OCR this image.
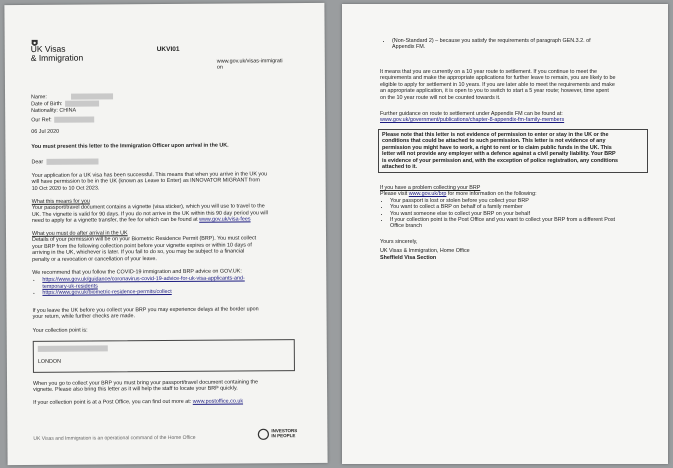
UK Visas
& Immigration
UKVI01
www.gov.uk/visas-immigration
Name:
Date of Birth:
Nationality: CHINA
Our Ref:
06 Jul 2020
You must present this letter to the Immigration Officer upon arrival in the UK.
Dear
Your application for a UK visa has been successful. This means that when you arrive in the UK you
will have permission to be in the UK (known as Leave to Enter) as INNOVATOR MIGRANT from
10 Oct 2020 to 10 Oct 2023.
What this means for you
Your passport/travel document contains a vignette (visa sticker), which you will use to travel to the
UK. The vignette is valid for 90 days. If you do not arrive in the UK within this 90 day period you will
need to apply for a vignette transfer, the fee for which can be found at www.gov.uk/visa-fees
What you must do after arrival in the UK
Details of your permission will be on your Biometric Residence Permit (BRP). You must collect
your BRP from the following collection point before your vignette expires or within 10 days of
arriving in the UK, whichever is later. If you fail to do so, you may be subject to a financial
penalty or a revocation or cancellation of your leave.
We recommend that you follow the COVID-19 immigration and BRP advice on GOV.UK:
• https://www.gov.uk/guidance/coronavirus-covid-19-advice-for-uk-visa-applicants-and-
temporary-uk-residents
• https://www.gov.uk/biometric-residence-permits/collect
If you leave the UK before you collect your BRP you may experience delays at the border upon
your return, while further checks are made.
Your collection point is:
LONDON
When you go to collect your BRP you must bring your passport/travel document containing the
vignette. Please also bring this letter as it will help the staff to locate your BRP quickly.
If your collection point is at a Post Office, you can find out more at: www.postoffice.co.uk
UK Visas and Immigration is an operational command of the Home Office
INVESTORS
IN PEOPLE
• (Non-Standard 2) – because you satisfy the requirements of paragraph GEN.3.2. of
Appendix FM.
It means that you are currently on a 10 year route to settlement. If you continue to meet the
requirements and make the appropriate applications for further leave to remain, you are likely to be
eligible to apply for settlement in 10 years. If you are later able to meet the requirements and make
an appropriate application, it is open to you to switch to start a 5 year route; however, time spent
on the 10 year route will not be counted towards it.
Further guidance on route to settlement under Appendix FM can be found at:
www.gov.uk/government/publications/chapter-8-appendix-fm-family-members
Please note that this letter is not evidence of permission to enter or stay in the UK or the
conditions that could be attached to such permission. This letter is not evidence of any
permission you might have to work, a right to rent or to claim public funds in the UK. This
letter will not provide any employer with a defence against a civil penalty liability. Your BRP
is evidence of your permission and, with the exception of police registration, any conditions
attached to it.
If you have a problem collecting your BRP
Please visit www.gov.uk/brp for more information on the following:
• Your passport is lost or stolen before you collect your BRP
• You want to collect a BRP on behalf of a family member
• You want someone else to collect your BRP on your behalf
• If your collection point is the Post Office and you want to collect your BRP from a different Post
Office branch
Yours sincerely,
UK Visas & Immigration, Home Office
Sheffield Visa Section
